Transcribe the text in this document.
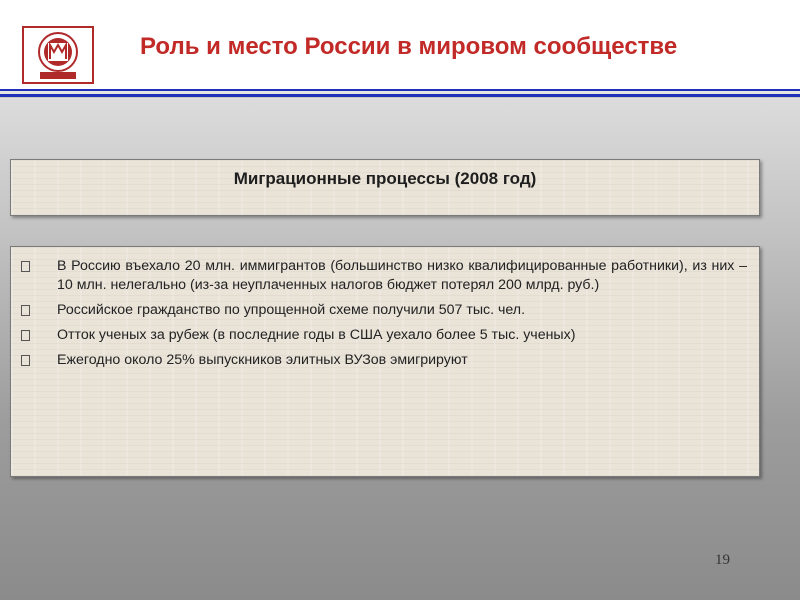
Роль и место России в мировом сообществе
Миграционные процессы (2008 год)
В Россию въехало 20 млн. иммигрантов (большинство низко квалифицированные работники), из них – 10 млн. нелегально (из-за неуплаченных налогов бюджет потерял 200 млрд. руб.)
Российское гражданство по упрощенной схеме получили 507 тыс. чел.
Отток ученых за рубеж (в последние годы в США уехало более 5 тыс. ученых)
Ежегодно около 25% выпускников элитных ВУЗов эмигрируют
19
